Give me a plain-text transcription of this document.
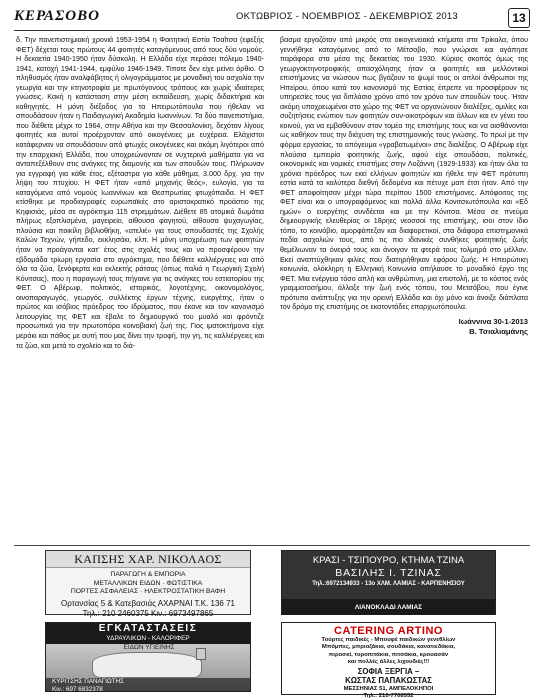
ΚΕΡΑΣΟΒΟ	ΟΚΤΩΒΡΙΟΣ - ΝΟΕΜΒΡΙΟΣ - ΔΕΚΕΜΒΡΙΟΣ 2013	13

δ. Την πανεπιστημιακή χρονιά 1953-1954 η Φοιτητική Εστία Τσαΐτσα (εφεξής ΦΕΤ) δέχεται τους πρώτους 44 φοιτητές καταγόμενους από τους δύο νομούς. Η δεκαετία 1940-1950 ήταν δύσκολη. Η Ελλάδα είχε περάσει πόλεμο 1940-1941, κατοχή 1941-1944, εμφύλιο 1946-1949. Τίποτε δεν είχε μείνει όρθιο. Ο πληθυσμός ήταν αναλφάβητος ή ολιγογράμματος με μοναδική του ασχολία την γεωργία και την κτηνοτροφία με πρωτόγονους τρόπους και χωρίς ιδιαίτερες γνώσεις. Κακή η κατάσταση στην μέση εκπαίδευση, χωρίς διδακτήρια και καθηγητές. Η μόνη διέξοδος για τα Ηπειρωτόπουλα που ήθελαν να σπουδάσουν ήταν η Παιδαγωγική Ακαδημία Ιωαννίνων. Τα δύο πανεπιστήμια, που διέθετε μέχρι το 1964, στην Αθήνα και την Θεσσαλονίκη, δεχόταν λίγους φοιτητές και αυτοί προέρχονταν από οικογένειες με ευχέρεια. Ελάχιστοι κατάφερναν να σπουδάσουν από φτωχές οικογένειες και ακόμη λιγότεροι από την επαρχιακή Ελλάδα, που υποχρεώνονταν σε νυχτερινά μαθήματα για να ανταπεξέλθουν στις ανάγκες της διαμονής και των σπουδών τους. Πλήρωναν για εγγραφή για κάθε έτος, εξέταστρα για κάθε μάθημα, 3.000 δρχ. για την λήψη του πτυχίου. Η ΦΕΤ ήταν «από μηχανής θεός», ευλογία, για τα καταγόμενα από νομούς Ιωαννίνων και Θεσπρωτίας φτωχόπαιδα. Η ΦΕΤ κτίσθηκε με προδιαγραφές ευρωπαϊκές στο αριστοκρατικό προάστιο της Κηφισιάς, μέσα σε αγρόκτημα 115 στρεμμάτων. Διέθετε 85 ατομικά δωμάτια πλήρως εξοπλισμένα, μαγειρείο, αίθουσα φαγητού, αίθουσα ψυχαγωγίας, πλούσια και ποικίλη βιβλιοθήκη, «ατελιέ» για τους σπουδαστές της Σχολής Καλών Τεχνών, γήπεδο, εκκλησάκι, κλπ. Η μόνη υποχρέωση των φοιτητών ήταν να προάγονται κατ' έτος στις σχολές τους και να προσφέρουν την εβδομάδα τρίωρη εργασία στο αγρόκτημα, που διέθετε καλλιέργειες και από όλα τα ζώα, ξενόφερτα και εκλεκτής ράτσας (όπως παλιά η Γεωργική Σχολή Κόνιτσας), που η παραγωγή τους πήγαινε για τις ανάγκες του εστιατορίου της ΦΕΤ. Ο Αβέρωφ, πολιτικός, ιστορικός, λογοτέχνης, οικονομολόγος, οινοπαραγωγός, γεωργός, συλλέκτης έργων τέχνης, ευεργέτης, ήταν ο πρώτος και ισόβιος πρόεδρος του Ιδρύματος, που έκανε και τον κανονισμό λειτουργίας της ΦΕΤ και έβαλε το δημιουργικό του μυαλό και φρόντιζε προσωπικά για την πρωτοπόρα κοινοβιακή ζωή της. Γιος ιματοκτήμονα είχε μεράκι και πάθος με αυτή που μας δίνει την τροφή, την γη, τις καλλιέργειες και τα ζώα, και μετά το σχολείο και το διά-

βασμα εργαζόταν από μικρός στα οικογενειακά κτήματα στα Τρίκαλα, όπου γεννήθηκε καταγόμενος από το Μέτσοβο, που γνώρισε και αγάπησε παράφορα στα μέσα της δεκαετίας του 1930. Κύριος σκοπός όμως της γεωργοκτηνοτροφικής απασχόλησης ήταν οι φοιτητές και μελλοντικοί επιστήμονες να νιώσουν πως βγάζουν το ψωμί τους οι απλοί άνθρωποι της Ηπείρου, όπου κατά τον κανονισμό της Εστίας έπρεπε να προσφέρουν τις υπηρεσίες τους για διπλάσιο χρόνο από τον χρόνο των σπουδών τους. Ήταν ακόμη υποχρεωμένοι στο χώρο της ΦΕΤ να οργανώνουν διαλέξεις, ομιλίες και συζητήσεις ενώπιον των φοιτητών συν-οικοτρόφων και άλλων και εν γένει του κοινού, για να εμβαθύνουν στον τομέα της επιστήμης τους και να αισθάνονται ως καθήκον τους την διάχυση της επιστημονικής τους γνώσης. Το πρωί με την φόρμα εργασίας, το απόγευμα «γραβατωμένοι» στις διαλέξεις. Ο Αβέρωφ είχε πλούσια εμπειρία φοιτητικής ζωής, αφού είχε σπουδάσει, πολιτικές, οικονομικές και νομικές επιστήμες στην Λοζάννη (1929-1933) και ήταν όλα τα χρόνια πρόεδρος των εκεί ελλήνων φοιτητών και ήθελε την ΦΕΤ πρότυπη εστία κατά τα καλύτερα διεθνή δεδομένα και πέτυχε μαπ έτσι ήταν. Από την ΦΕΤ αποφοίτησαν μέχρι τώρα περίπου 1500 επιστήμονες. Απόφοιτος της ΦΕΤ είναι και ο υπογραφόμενος και πολλά άλλα Κονιτσιωτόπουλα και «Εδ ημών» ο ευεργέτης συνδέεται και με την Κόνιτσα. Μέσα σε πνεύμα δημιουργικής ελευθερίας οι 18ρηες νεοσσοί της επιστήμης, ισοι στον ίδιο τόπο, το κοινόβιο, αμορφάπεξαν και διαφορετικοί, στα διάφορα επιστημονικά πεδία ασχολιών τους, από τις πιο ιδανικές συνθήκες φοιτητικής ζωής θεμέλιωναν τα όνειρά τους και άνοιγαν τα φτερά τους τολμηρά στο μέλλον. Εκεί αναπτύχθηκαν φιλίες που διατηρήθηκαν εφόρου ζωής. Η Ηπειρώτικη κοινωνία, ολόκληρη η Ελληνική Κοινωνία απήλαυσε το μοναδικό έργο της ΦΕΤ. Μια ενέργεια τόσο απλή και ανθρώπινη, μια επιστολή, με το κόστος ενός γραμματοσήμου, άλλαξε την ζωή ενός τόπου, του Μετσόβου, που έγινε πρότυπο ανάπτυξης για την ορεινή Ελλάδα και όχι μόνο και άνοιξε διάπλατα τον δρόμο της επιστήμης σε εκατοντάδες επαρχιωτόπουλα.

Ιωάννινα 30-1-2013
Β. Τσιαλιαμάνης
ΚΑΠΣΗΣ ΧΑΡ. ΝΙΚΟΛΑΟΣ
ΠΑΡΑΓΩΓΗ & ΕΜΠΟΡΙΑ
ΜΕΤΑΛΛΙΚΩΝ ΕΙΔΩΝ · ΦΩΤΙΣΤΙΚΑ
ΠΟΡΤΕΣ ΑΣΦΑΛΕΙΑΣ · ΗΛΕΚΤΡΟΣΤΑΤΙΚΗ ΒΑΦΗ
Ορτανσίας 5 & Κατεβασιάς ΑΧΑΡΝΑΙ Τ.Κ. 136 71
Τηλ.: 210 2460375 Κιν.: 6973497865
ΚΡΑΣΙ - ΤΣΙΠΟΥΡΟ, ΚΤΗΜΑ ΤΖΙΝΑ
ΒΑΣΙΛΗΣ Ι. ΤΖΙΝΑΣ
Τηλ.:6972134933 - 13ο ΧΛΜ. ΛΑΜΙΑΣ - ΚΑΡΠΕΝΗΣΙΟΥ
ΛΙΑΝΟΚΛΑΔΙ ΛΑΜΙΑΣ
ΕΓΚΑΤΑΣΤΑΣΕΙΣ
ΥΔΡΑΥΛΙΚΩΝ - ΚΑΛΟΡΙΦΕΡ
ΕΙΔΩΝ ΥΓΙΕΙΝΗΣ
ΚΥΡΙΤΣΗΣ ΠΑΝΑΓΙΩΤΗΣ
Κιν.: 697 6832378
CATERING ARTINO
Τούρτες παιδικές - Μπουφέ παιδικών γενεθλίων
Μπόμπες, μπριοζάκια, σουδάκια, κανατιεδάκια,
πιροσκί, τυροπιτάκια, πιτσάκια, κρουασάν
και πολλές άλλες λιχουδιές!!!
ΣΟΦΙΑ ΞΕΡΓΙΑ –
ΚΩΣΤΑΣ ΠΑΠΑΚΩΣΤΑΣ
ΜΕΣΣΗΝΙΑΣ 51, ΑΜΠΕΛΟΚΗΠΟΙ
Τηλ.: 210-7708552
